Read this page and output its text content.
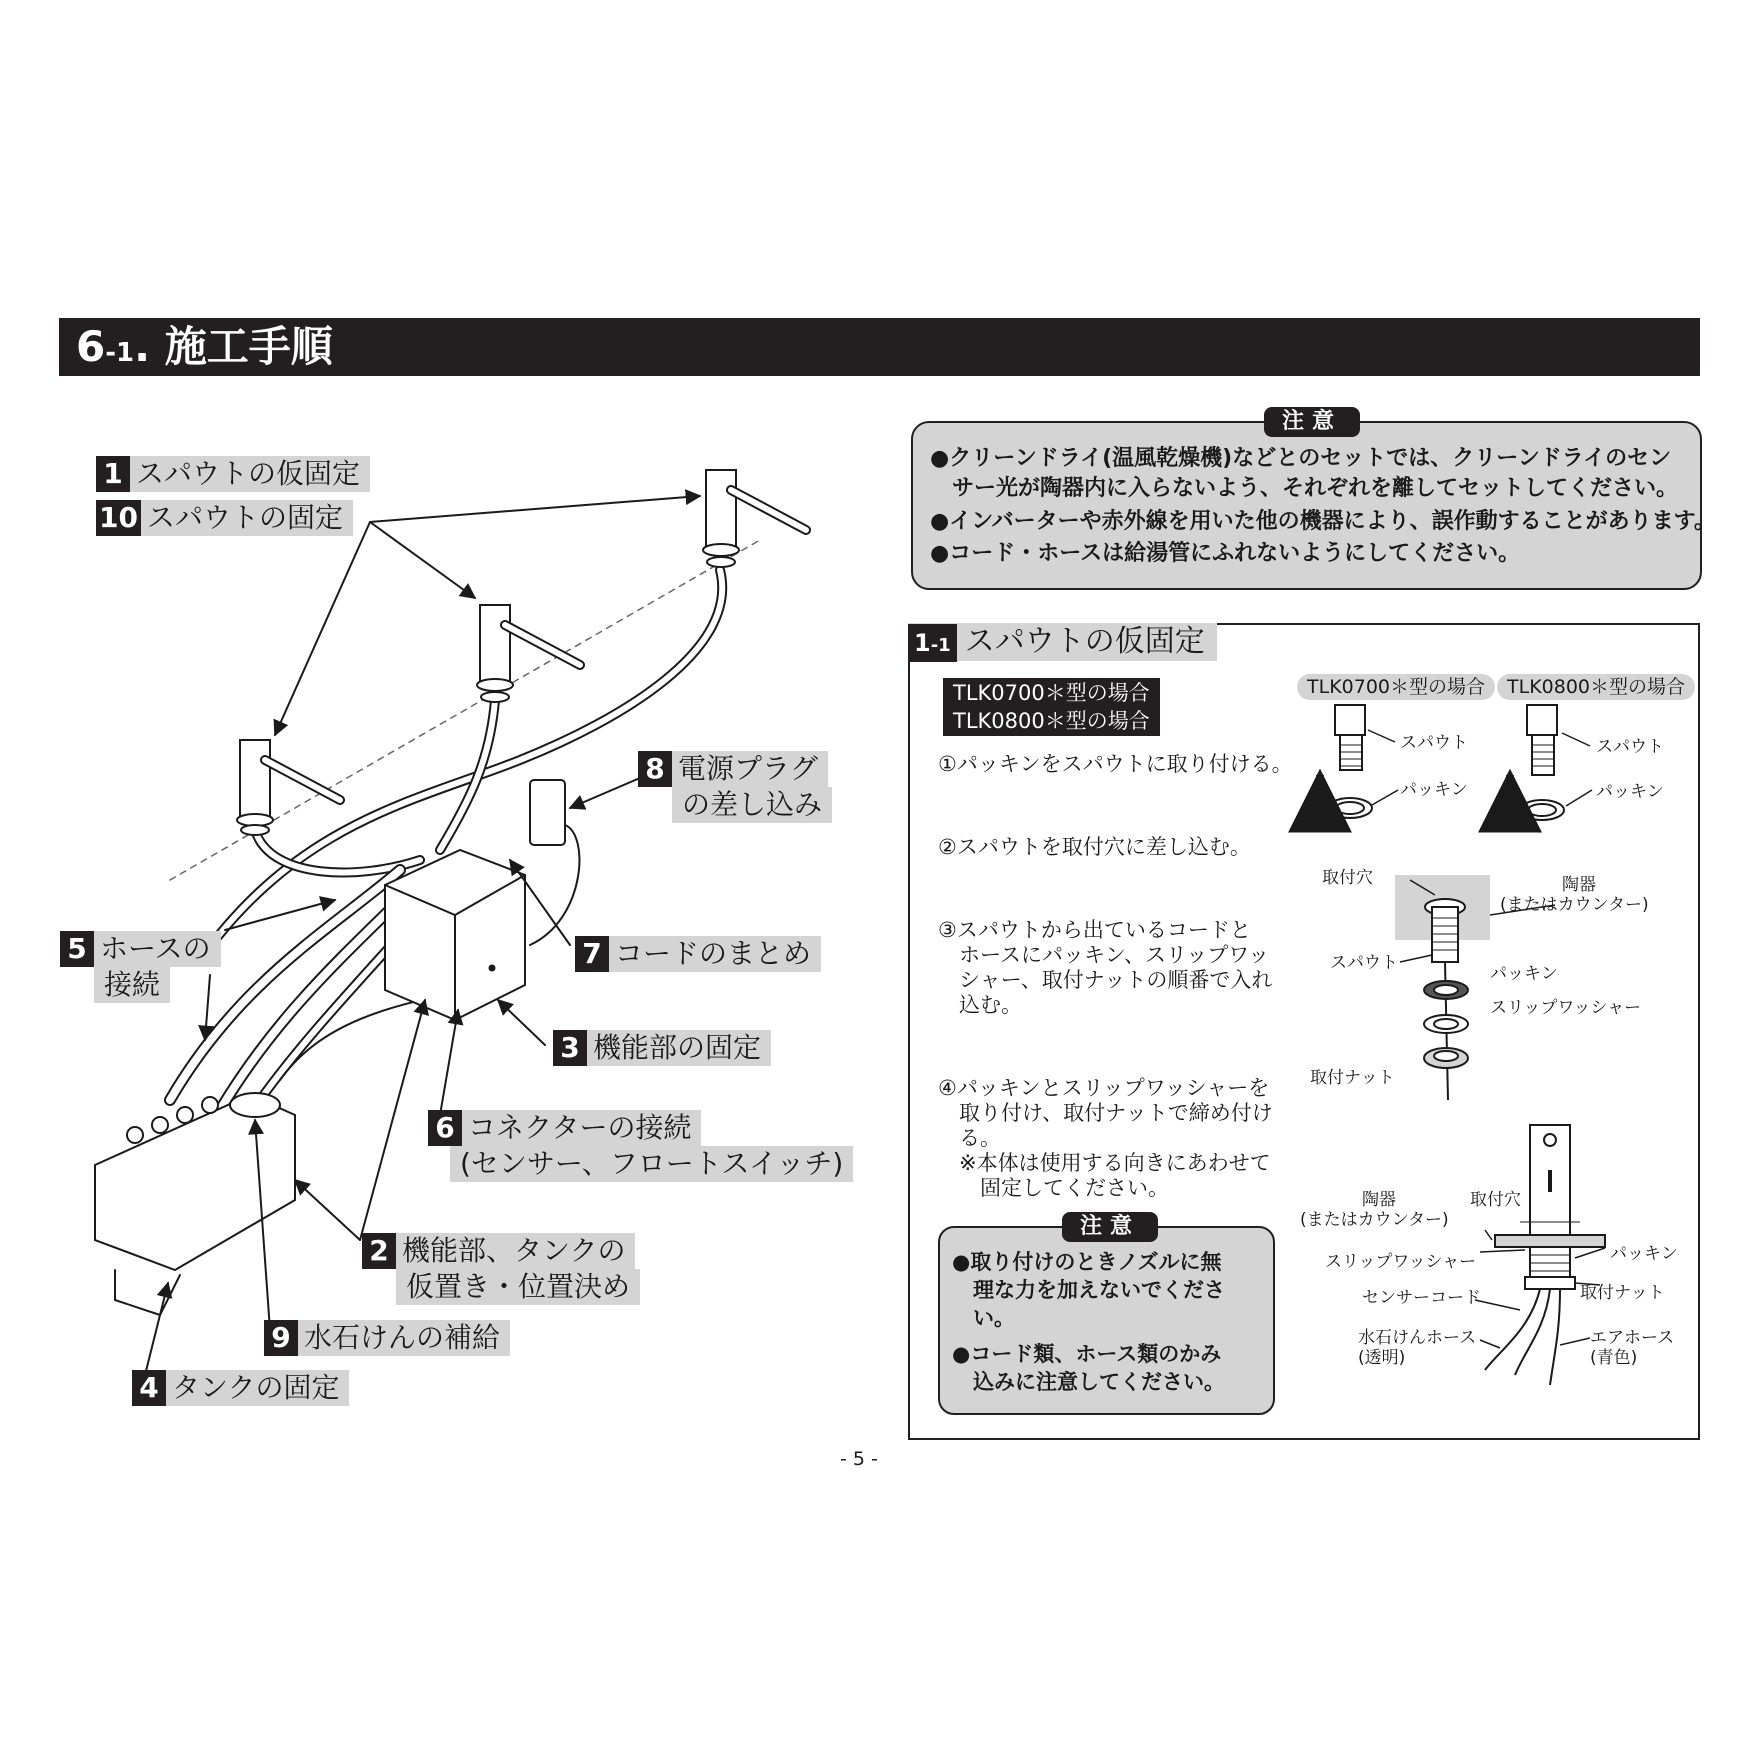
6-1. 施工手順
1 スパウトの仮固定
10 スパウトの固定
8 電源プラグ
の差し込み
5 ホースの
接続
7 コードのまとめ
3 機能部の固定
6 コネクターの接続
(センサー、フロートスイッチ)
2 機能部、タンクの
仮置き・位置決め
9 水石けんの補給
4 タンクの固定
注意
●クリーンドライ(温風乾燥機)などとのセットでは、クリーンドライのセン
　サー光が陶器内に入らないよう、それぞれを離してセットしてください。
●インバーターや赤外線を用いた他の機器により、誤作動することがあります。
●コード・ホースは給湯管にふれないようにしてください。
1-1 スパウトの仮固定
TLK0700＊型の場合
TLK0800＊型の場合
TLK0700＊型の場合	TLK0800＊型の場合
①パッキンをスパウトに取り付ける。
②スパウトを取付穴に差し込む。
③スパウトから出ているコードと
　ホースにパッキン、スリップワッ
　シャー、取付ナットの順番で入れ
　込む。
④パッキンとスリップワッシャーを
　取り付け、取付ナットで締め付け
　る。
　※本体は使用する向きにあわせて
　　固定してください。
スパウト
パッキン
スパウト
パッキン
取付穴	陶器
(またはカウンター)
スパウト
パッキン
スリップワッシャー
取付ナット
陶器
(またはカウンター)
取付穴
スリップワッシャー	パッキン
取付ナット
センサーコード
水石けんホース
(透明)
エアホース
(青色)
注意
●取り付けのときノズルに無
　理な力を加えないでくださ
　い。
●コード類、ホース類のかみ
　込みに注意してください。
- 5 -
